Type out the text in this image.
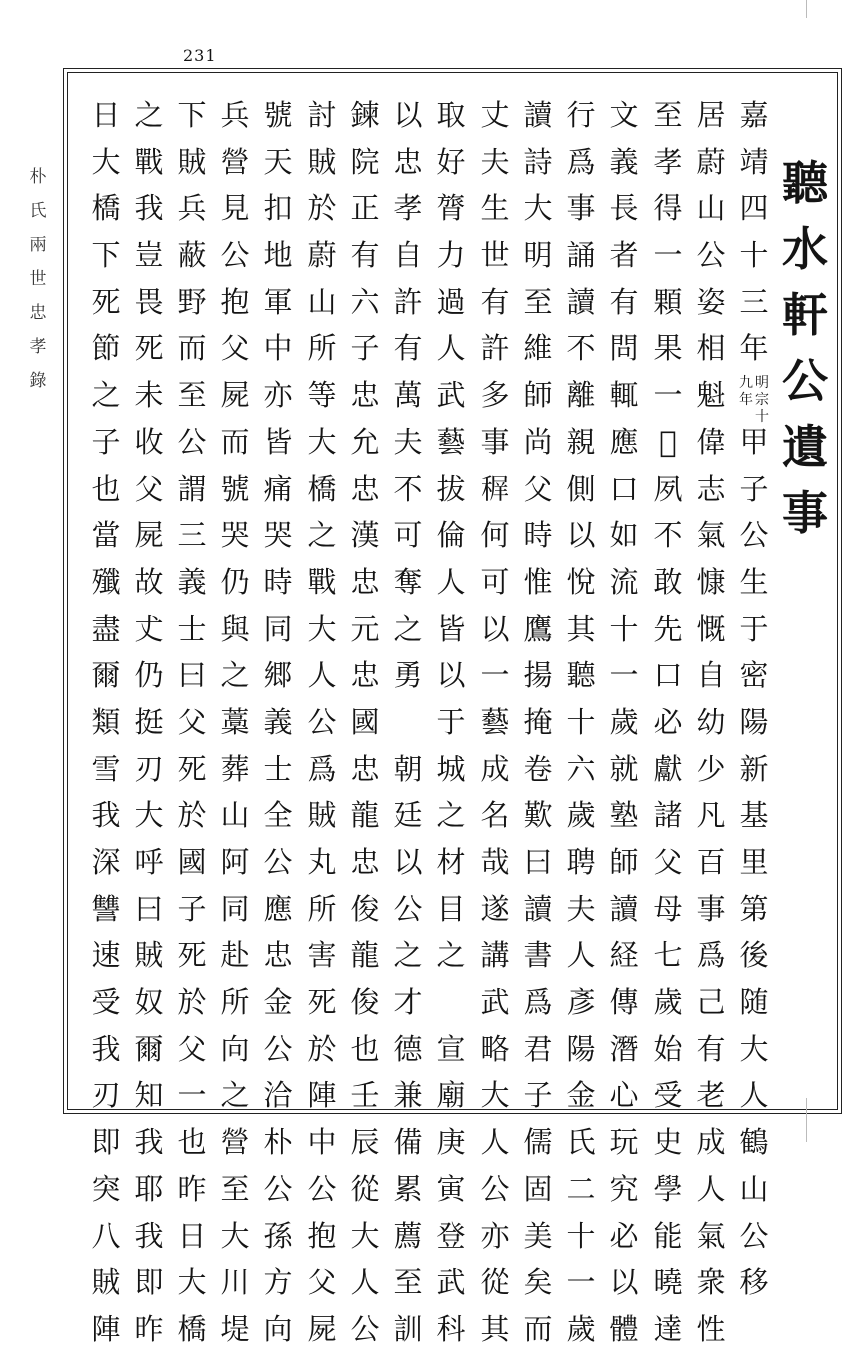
231
朴
氏
兩
世
忠
孝
錄
聽
水
軒
公
遺
事
嘉
靖
四
十
三
年
明
宗
十
九
年
甲
子
公
生
于
密
陽
新
基
里
第
後
随
大
人
鶴
山
公
移
居
蔚
山
公
姿
相
魁
偉
志
氣
慷
慨
自
幼
少
凡
百
事
爲
己
有
老
成
人
氣
衆
性
至
孝
得
一
顆
果
一
𥞑
夙
不
敢
先
口
必
獻
諸
父
母
七
歲
始
受
史
學
能
曉
達
文
義
長
者
有
問
輒
應
口
如
流
十
一
歲
就
塾
師
讀
経
傳
潛
心
玩
究
必
以
體
行
爲
事
誦
讀
不
離
親
側
以
悅
其
聽
十
六
歲
聘
夫
人
彥
陽
金
氏
二
十
一
歲
讀
詩
大
明
至
維
師
尚
父
時
惟
鷹
揚
掩
卷
歎
曰
讀
書
爲
君
子
儒
固
美
矣
而
丈
夫
生
世
有
許
多
事
𥠧
何
可
以
一
藝
成
名
哉
遂
講
武
略
大
人
公
亦
從
其
取
好
膂
力
過
人
武
藝
拔
倫
人
皆
以
于
城
之
材
目
之

宣
廟
庚
寅
登
武
科
以
忠
孝
自
許
有
萬
夫
不
可
奪
之
勇

朝
廷
以
公
之
才
德
兼
備
累
薦
至
訓
鍊
院
正
有
六
子
忠
允
忠
漢
忠
元
忠
國
忠
龍
忠
俊
龍
俊
也
壬
辰
從
大
人
公
討
賊
於
蔚
山
所
等
大
橋
之
戰
大
人
公
爲
賊
丸
所
害
死
於
陣
中
公
抱
父
屍
號
天
扣
地
軍
中
亦
皆
痛
哭
時
同
郷
義
士
全
公
應
忠
金
公
洽
朴
公
孫
方
向
兵
營
見
公
抱
父
屍
而
號
哭
仍
與
之
藁
葬
山
阿
同
赴
所
向
之
營
至
大
川
堤
下
賊
兵
蔽
野
而
至
公
謂
三
義
士
曰
父
死
於
國
子
死
於
父
一
也
昨
日
大
橋
之
戰
我
豈
畏
死
未
收
父
屍
故
𠀋
仍
挺
刃
大
呼
曰
賊
奴
爾
知
我
耶
我
即
昨
日
大
橋
下
死
節
之
子
也
當
殲
盡
爾
類
雪
我
深
讐
速
受
我
刃
即
突
八
賊
陣
